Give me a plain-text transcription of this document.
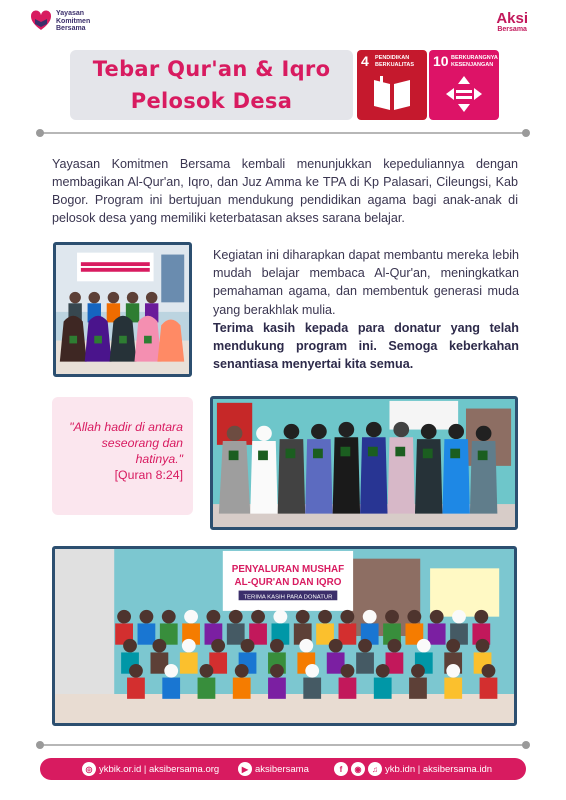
Yayasan
Komitmen
Bersama
Aksi
Bersama
Tebar Qur'an & Iqro
Pelosok Desa
4 PENDIDIKAN BERKUALITAS	10 BERKURANGNYA KESENJANGAN

Yayasan Komitmen Bersama kembali menunjukkan kepeduliannya dengan membagikan Al-Qur'an, Iqro, dan Juz Amma ke TPA di Kp Palasari, Cileungsi, Kab Bogor. Program ini bertujuan mendukung pendidikan agama bagi anak-anak di pelosok desa yang memiliki keterbatasan akses sarana belajar.

Kegiatan ini diharapkan dapat membantu mereka lebih mudah belajar membaca Al-Qur'an, meningkatkan pemahaman agama, dan membentuk generasi muda yang berakhlak mulia.
Terima kasih kepada para donatur yang telah mendukung program ini. Semoga keberkahan senantiasa menyertai kita semua.
"Allah hadir di antara seseorang dan hatinya."
[Quran 8:24]
PENYALURAN MUSHAF
AL-QUR'AN DAN IQRO
TERIMA KASIH PARA DONATUR
◎ ykbik.or.id | aksibersama.org	▶ aksibersama	f	◉	♫ ykb.idn | aksibersama.idn
